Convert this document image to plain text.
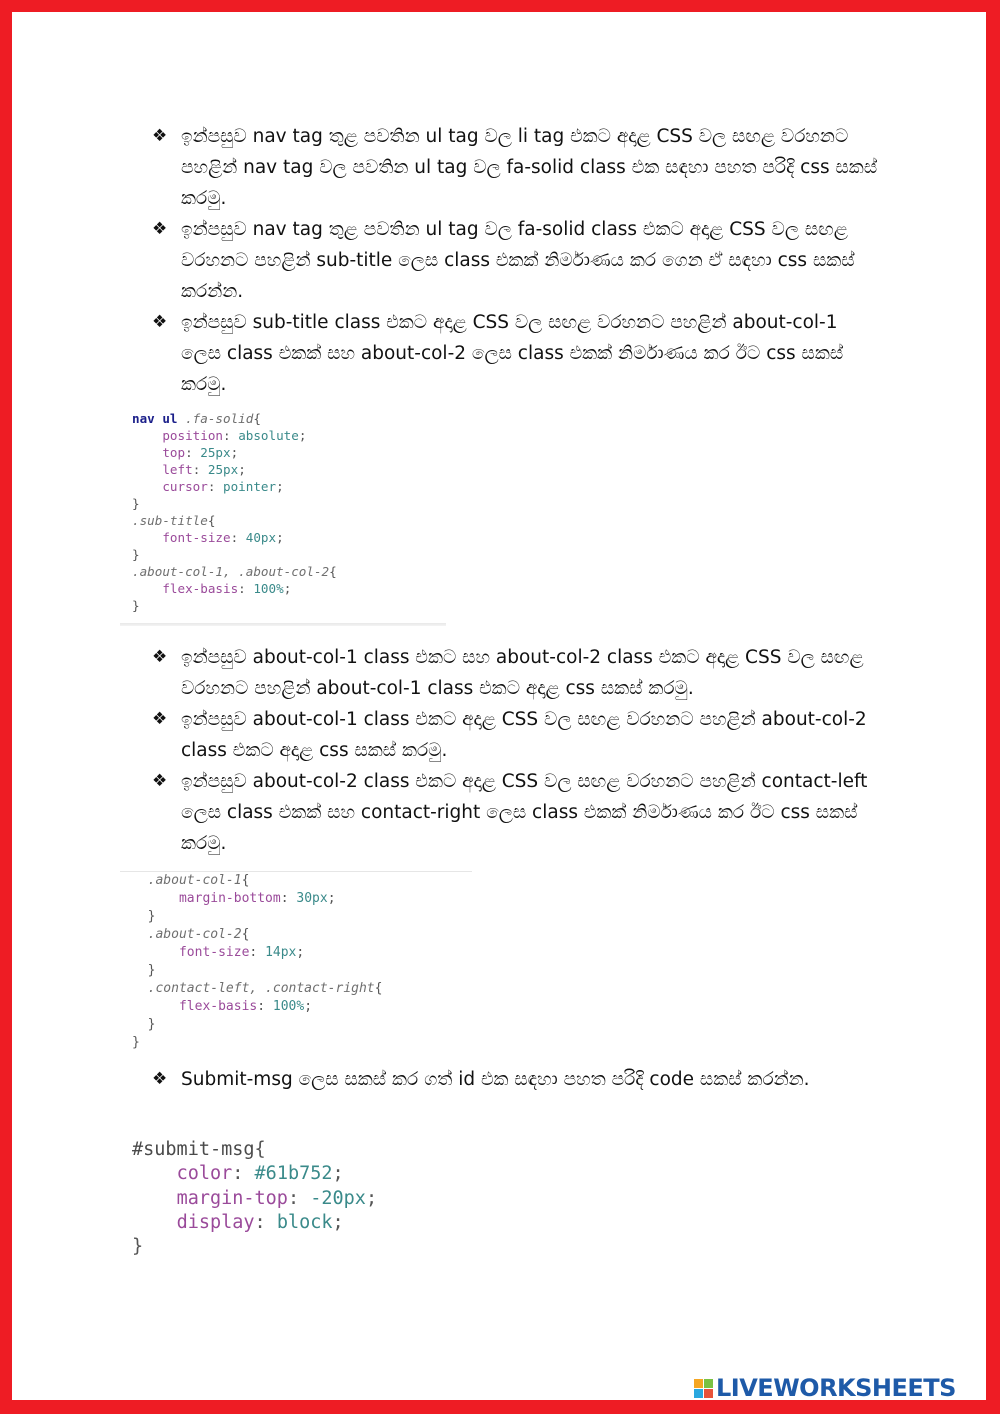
❖ ඉන්පසුව nav tag තුළ පවතින ul tag වල li tag එකට අදාළ CSS වල සඟළ වරහනට පහළින් nav tag වල පවතින ul tag වල fa-solid class එක සඳහා පහත පරිදි css සකස් කරමු.
❖ ඉන්පසුව nav tag තුළ පවතින ul tag වල fa-solid class එකට අදාළ CSS වල සඟළ වරහනට පහළින් sub-title ලෙස class එකක් නිර්මාණය කර ගෙන ඒ සඳහා css සකස් කරන්න.
❖ ඉන්පසුව sub-title class එකට අදාළ CSS වල සඟළ වරහනට පහළින් about-col-1 ලෙස class එකක් සහ about-col-2 ලෙස class එකක් නිර්මාණය කර ඊට css සකස් කරමු.
nav ul .fa-solid{
position: absolute;
top: 25px;
left: 25px;
cursor: pointer;
}
.sub-title{
font-size: 40px;
}
.about-col-1, .about-col-2{
flex-basis: 100%;
}
❖ ඉන්පසුව about-col-1 class එකට සහ about-col-2 class එකට අදාළ CSS වල සඟළ වරහනට පහළින් about-col-1 class එකට අදාළ css සකස් කරමු.
❖ ඉන්පසුව about-col-1 class එකට අදාළ CSS වල සඟළ වරහනට පහළින් about-col-2 class එකට අදාළ css සකස් කරමු.
❖ ඉන්පසුව about-col-2 class එකට අදාළ CSS වල සඟළ වරහනට පහළින් contact-left ලෙස class එකක් සහ contact-right ලෙස class එකක් නිර්මාණය කර ඊට css සකස් කරමු.
.about-col-1{
margin-bottom: 30px;
}
.about-col-2{
font-size: 14px;
}
.contact-left, .contact-right{
flex-basis: 100%;
}
}
❖ Submit-msg ලෙස සකස් කර ගත් id එක සඳහා පහත පරිදි code සකස් කරන්න.
#submit-msg{
color: #61b752;
margin-top: -20px;
display: block;
}
LIVEWORKSHEETS
